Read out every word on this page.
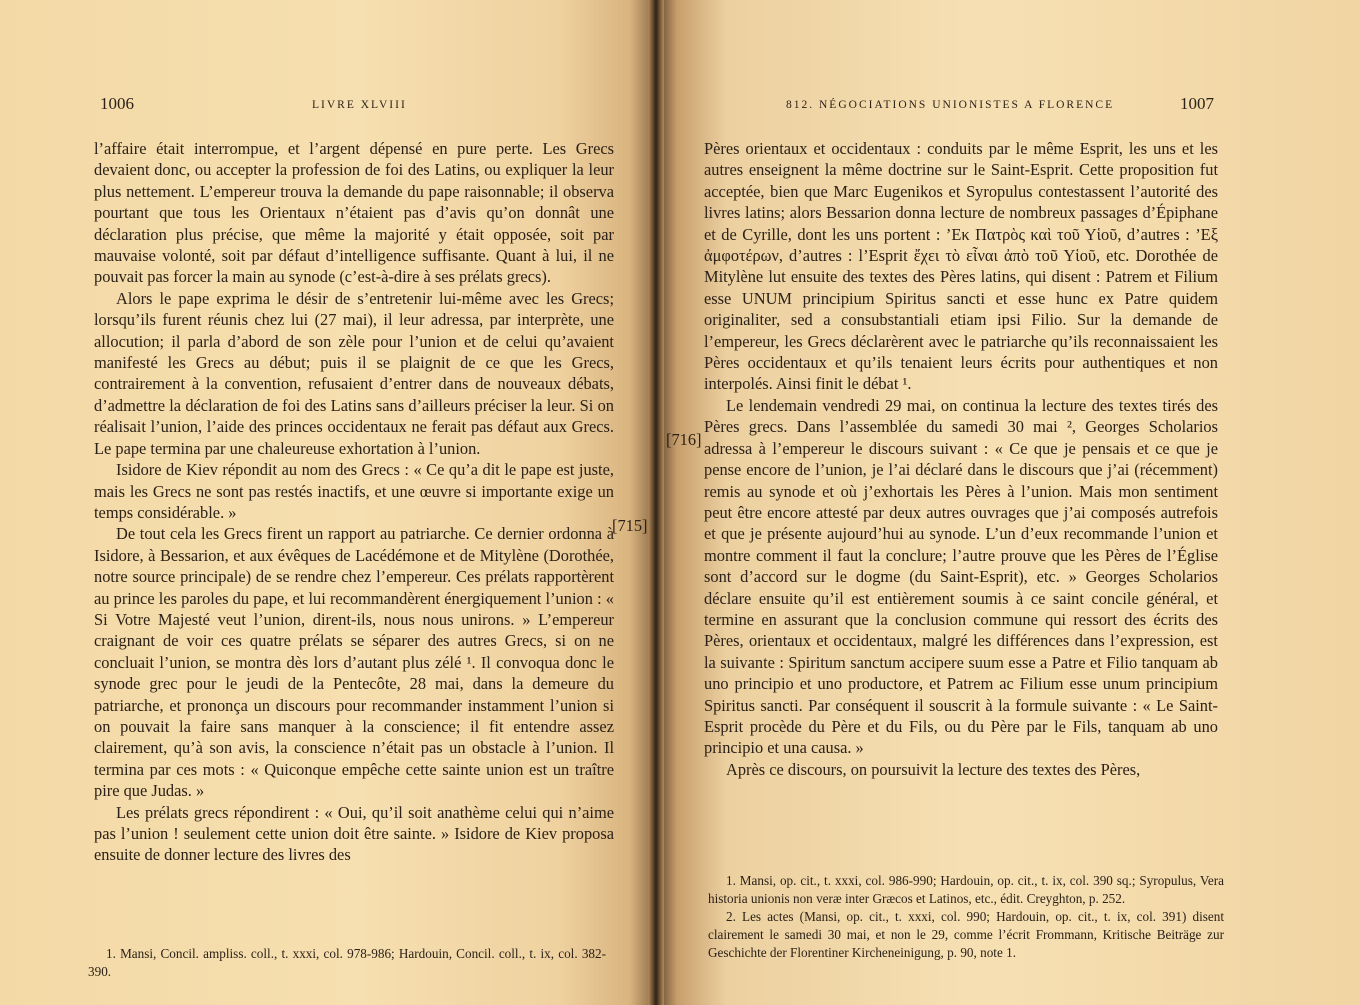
1006	LIVRE XLVIII

l’affaire était interrompue, et l’argent dépensé en pure perte. Les Grecs devaient donc, ou accepter la profession de foi des Latins, ou expliquer la leur plus nettement. L’empereur trouva la demande du pape raisonnable; il observa pourtant que tous les Orientaux n’étaient pas d’avis qu’on donnât une déclaration plus précise, que même la majorité y était opposée, soit par mauvaise volonté, soit par défaut d’intelligence suffisante. Quant à lui, il ne pouvait pas forcer la main au synode (c’est-à-dire à ses prélats grecs).

Alors le pape exprima le désir de s’entretenir lui-même avec les Grecs; lorsqu’ils furent réunis chez lui (27 mai), il leur adressa, par interprète, une allocution; il parla d’abord de son zèle pour l’union et de celui qu’avaient manifesté les Grecs au début; puis il se plaignit de ce que les Grecs, contrairement à la convention, refusaient d’entrer dans de nouveaux débats, d’admettre la déclaration de foi des Latins sans d’ailleurs préciser la leur. Si on réalisait l’union, l’aide des princes occidentaux ne ferait pas défaut aux Grecs. Le pape termina par une chaleureuse exhortation à l’union.

Isidore de Kiev répondit au nom des Grecs : « Ce qu’a dit le pape est juste, mais les Grecs ne sont pas restés inactifs, et une œuvre si importante exige un temps considérable. »

De tout cela les Grecs firent un rapport au patriarche. Ce dernier ordonna à Isidore, à Bessarion, et aux évêques de Lacédémone et de Mitylène (Dorothée, notre source principale) de se rendre chez l’empereur. Ces prélats rapportèrent au prince les paroles du pape, et lui recommandèrent énergiquement l’union : « Si Votre Majesté veut l’union, dirent-ils, nous nous unirons. » L’empereur craignant de voir ces quatre prélats se séparer des autres Grecs, si on ne concluait l’union, se montra dès lors d’autant plus zélé ¹. Il convoqua donc le synode grec pour le jeudi de la Pentecôte, 28 mai, dans la demeure du patriarche, et prononça un discours pour recommander instamment l’union si on pouvait la faire sans manquer à la conscience; il fit entendre assez clairement, qu’à son avis, la conscience n’était pas un obstacle à l’union. Il termina par ces mots : « Quiconque empêche cette sainte union est un traître pire que Judas. »

Les prélats grecs répondirent : « Oui, qu’il soit anathème celui qui n’aime pas l’union ! seulement cette union doit être sainte. » Isidore de Kiev proposa ensuite de donner lecture des livres des

[715]

1. Mansi, Concil. ampliss. coll., t. xxxi, col. 978-986; Hardouin, Concil. coll., t. ix, col. 382-390.

812. NÉGOCIATIONS UNIONISTES A FLORENCE	1007

Pères orientaux et occidentaux : conduits par le même Esprit, les uns et les autres enseignent la même doctrine sur le Saint-Esprit. Cette proposition fut acceptée, bien que Marc Eugenikos et Syropulus contestassent l’autorité des livres latins; alors Bessarion donna lecture de nombreux passages d’Épiphane et de Cyrille, dont les uns portent : ’Eκ Πατρὸς καὶ τοῦ Υἱοῦ, d’autres : ’Eξ ἀμφοτέρων, d’autres : l’Esprit ἔχει τὸ εἶναι ἀπὸ τοῦ Υἱοῦ, etc. Dorothée de Mitylène lut ensuite des textes des Pères latins, qui disent : Patrem et Filium esse UNUM principium Spiritus sancti et esse hunc ex Patre quidem originaliter, sed a consubstantiali etiam ipsi Filio. Sur la demande de l’empereur, les Grecs déclarèrent avec le patriarche qu’ils reconnaissaient les Pères occidentaux et qu’ils tenaient leurs écrits pour authentiques et non interpolés. Ainsi finit le débat ¹.

Le lendemain vendredi 29 mai, on continua la lecture des textes tirés des Pères grecs. Dans l’assemblée du samedi 30 mai ², Georges Scholarios adressa à l’empereur le discours suivant : « Ce que je pensais et ce que je pense encore de l’union, je l’ai déclaré dans le discours que j’ai (récemment) remis au synode et où j’exhortais les Pères à l’union. Mais mon sentiment peut être encore attesté par deux autres ouvrages que j’ai composés autrefois et que je présente aujourd’hui au synode. L’un d’eux recommande l’union et montre comment il faut la conclure; l’autre prouve que les Pères de l’Église sont d’accord sur le dogme (du Saint-Esprit), etc. » Georges Scholarios déclare ensuite qu’il est entièrement soumis à ce saint concile général, et termine en assurant que la conclusion commune qui ressort des écrits des Pères, orientaux et occidentaux, malgré les différences dans l’expression, est la suivante : Spiritum sanctum accipere suum esse a Patre et Filio tanquam ab uno principio et uno productore, et Patrem ac Filium esse unum principium Spiritus sancti. Par conséquent il souscrit à la formule suivante : « Le Saint-Esprit procède du Père et du Fils, ou du Père par le Fils, tanquam ab uno principio et una causa. »

Après ce discours, on poursuivit la lecture des textes des Pères,

[716]

1. Mansi, op. cit., t. xxxi, col. 986-990; Hardouin, op. cit., t. ix, col. 390 sq.; Syropulus, Vera historia unionis non veræ inter Græcos et Latinos, etc., édit. Creyghton, p. 252.

2. Les actes (Mansi, op. cit., t. xxxi, col. 990; Hardouin, op. cit., t. ix, col. 391) disent clairement le samedi 30 mai, et non le 29, comme l’écrit Frommann, Kritische Beiträge zur Geschichte der Florentiner Kircheneinigung, p. 90, note 1.
